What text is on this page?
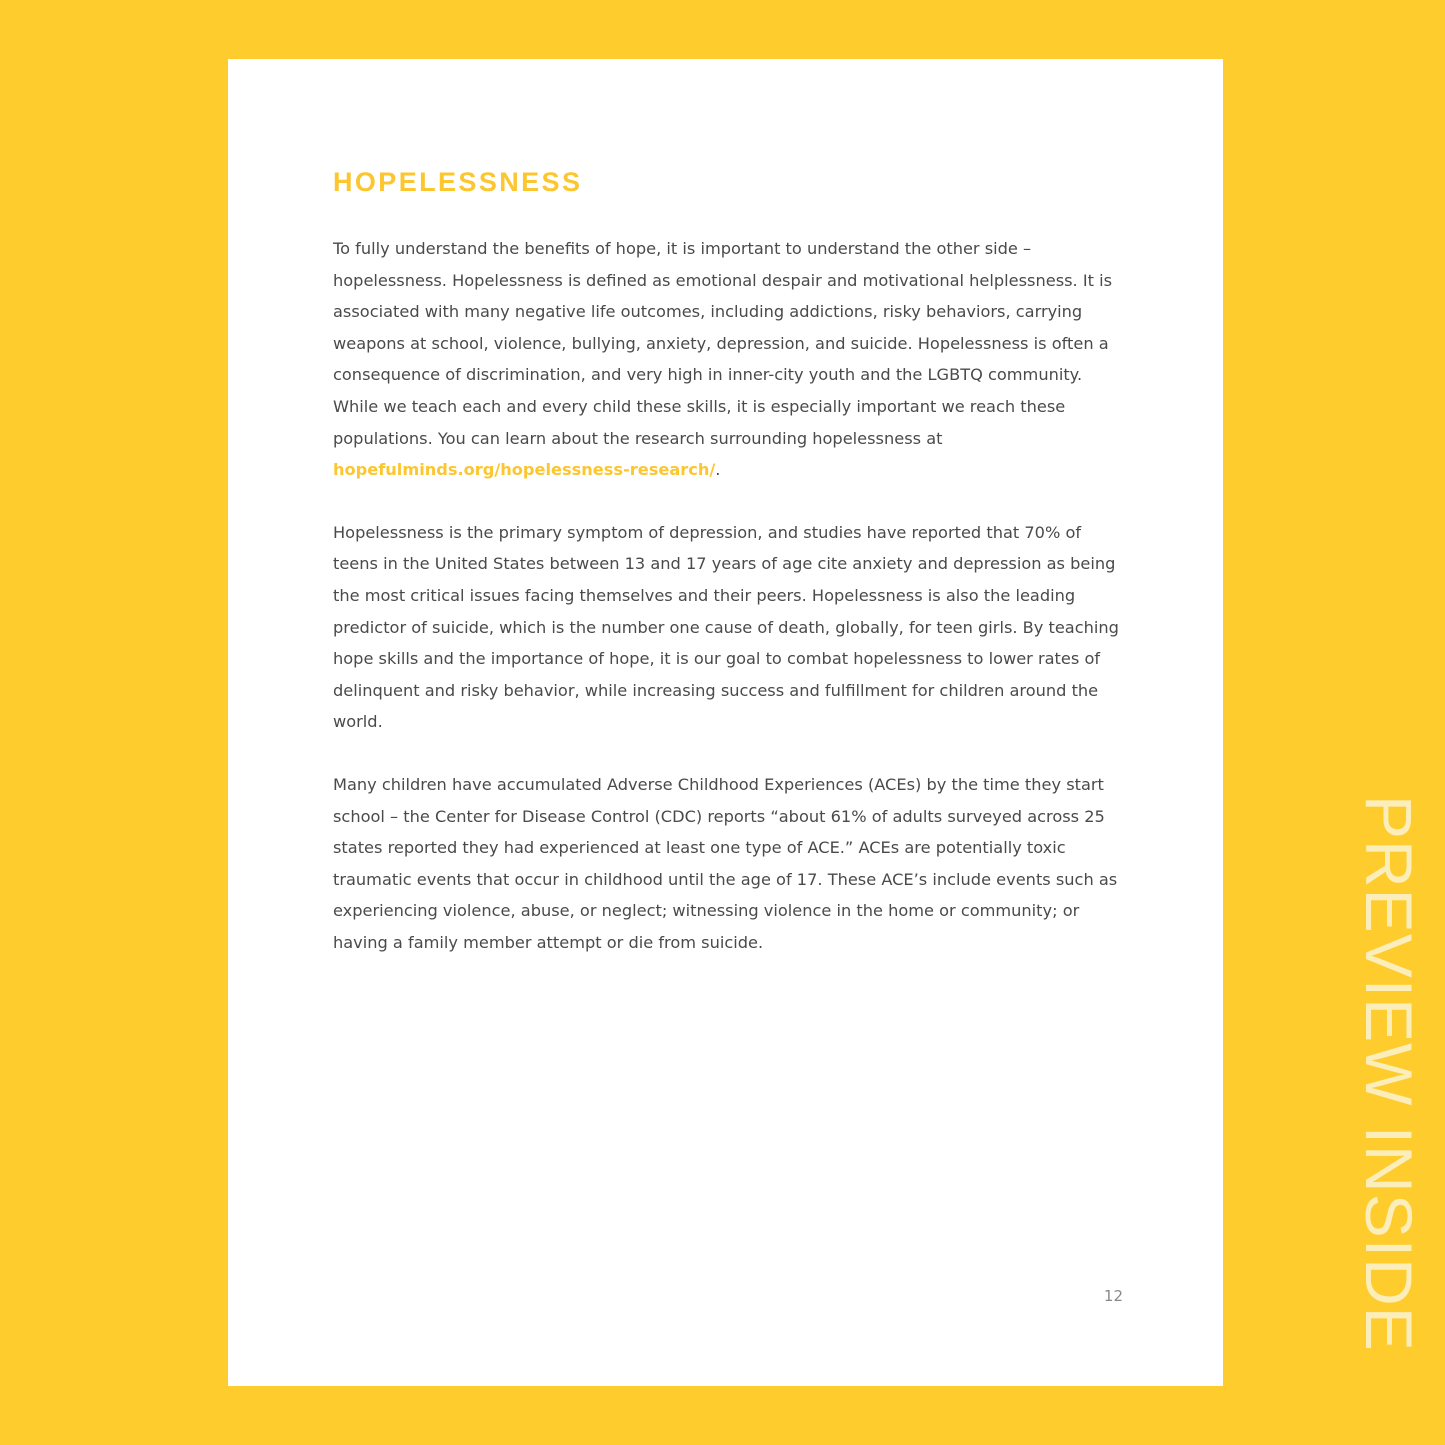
HOPELESSNESS

To fully understand the benefits of hope, it is important to understand the other side – hopelessness. Hopelessness is defined as emotional despair and motivational helplessness. It is associated with many negative life outcomes, including addictions, risky behaviors, carrying weapons at school, violence, bullying, anxiety, depression, and suicide. Hopelessness is often a consequence of discrimination, and very high in inner-city youth and the LGBTQ community. While we teach each and every child these skills, it is especially important we reach these populations. You can learn about the research surrounding hopelessness at hopefulminds.org/hopelessness-research/.

Hopelessness is the primary symptom of depression, and studies have reported that 70% of teens in the United States between 13 and 17 years of age cite anxiety and depression as being the most critical issues facing themselves and their peers. Hopelessness is also the leading predictor of suicide, which is the number one cause of death, globally, for teen girls. By teaching hope skills and the importance of hope, it is our goal to combat hopelessness to lower rates of delinquent and risky behavior, while increasing success and fulfillment for children around the world.

Many children have accumulated Adverse Childhood Experiences (ACEs) by the time they start school – the Center for Disease Control (CDC) reports “about 61% of adults surveyed across 25 states reported they had experienced at least one type of ACE.” ACEs are potentially toxic traumatic events that occur in childhood until the age of 17. These ACE’s include events such as experiencing violence, abuse, or neglect; witnessing violence in the home or community; or having a family member attempt or die from suicide.

12	PREVIEW INSIDE
